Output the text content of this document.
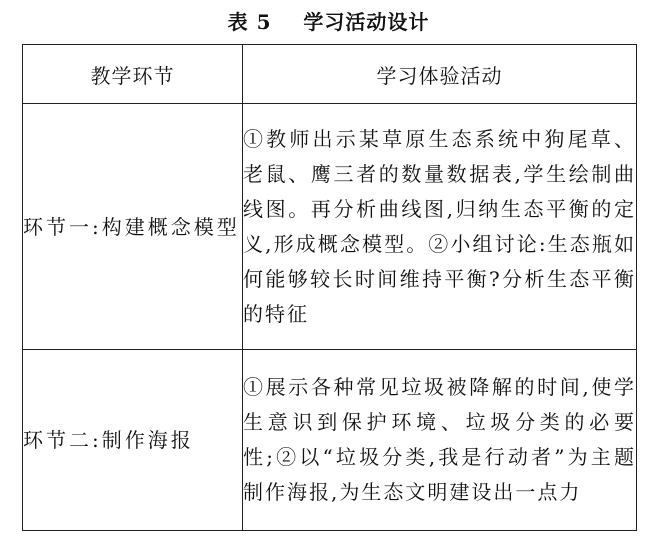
表 5    学习活动设计
教学环节	学习体验活动
环节一:构建概念模型	①教师出示某草原生态系统中狗尾草、老鼠、鹰三者的数量数据表,学生绘制曲线图。再分析曲线图,归纳生态平衡的定义,形成概念模型。②小组讨论:生态瓶如何能够较长时间维持平衡?分析生态平衡的特征
环节二:制作海报	①展示各种常见垃圾被降解的时间,使学生意识到保护环境、垃圾分类的必要性;②以“垃圾分类,我是行动者”为主题制作海报,为生态文明建设出一点力
